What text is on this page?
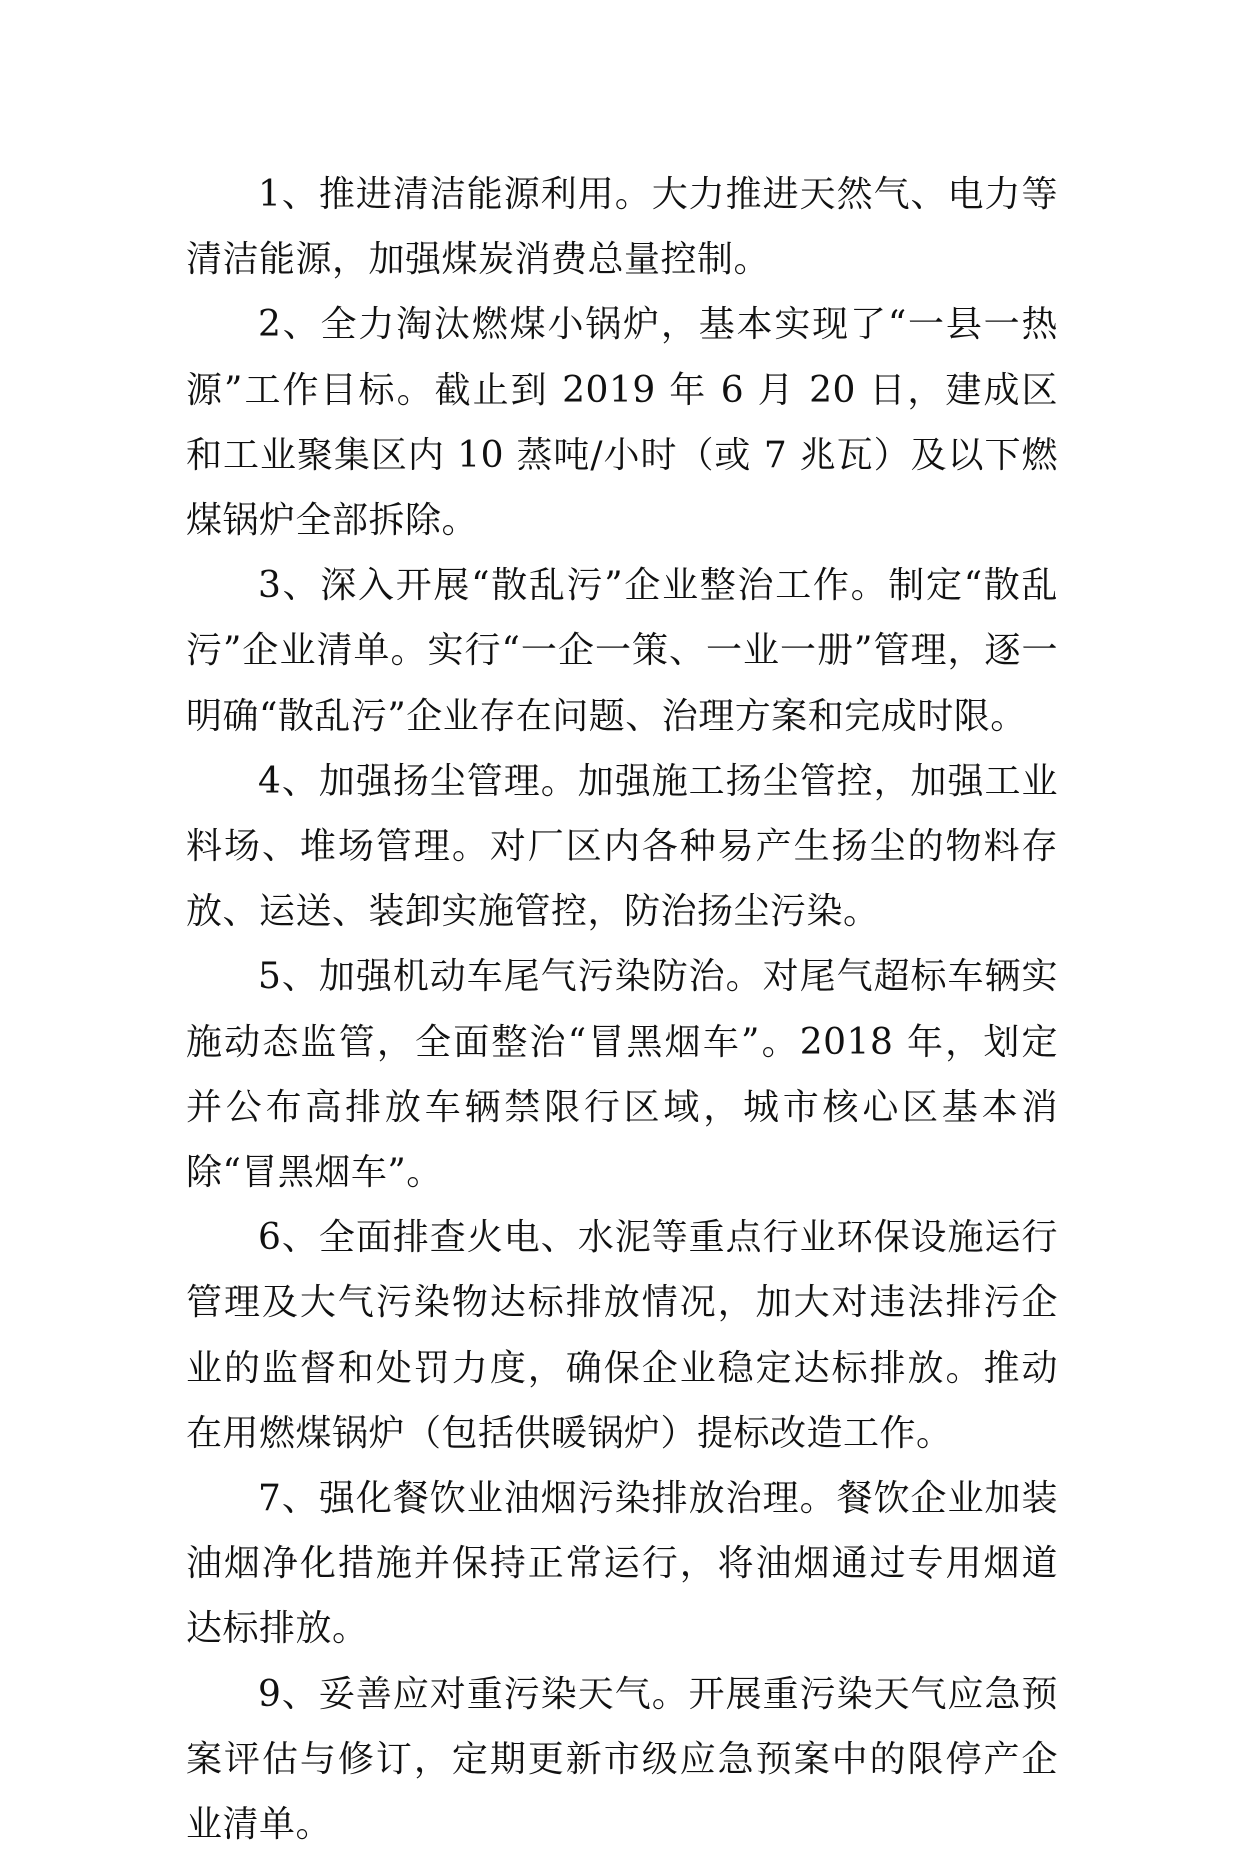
1、推进清洁能源利用。大力推进天然气、电力等清洁能源，加强煤炭消费总量控制。

2、全力淘汰燃煤小锅炉，基本实现了“一县一热源”工作目标。截止到 2019 年 6 月 20 日，建成区和工业聚集区内 10 蒸吨/小时（或 7 兆瓦）及以下燃煤锅炉全部拆除。

3、深入开展“散乱污”企业整治工作。制定“散乱污”企业清单。实行“一企一策、一业一册”管理，逐一明确“散乱污”企业存在问题、治理方案和完成时限。

4、加强扬尘管理。加强施工扬尘管控，加强工业料场、堆场管理。对厂区内各种易产生扬尘的物料存放、运送、装卸实施管控，防治扬尘污染。

5、加强机动车尾气污染防治。对尾气超标车辆实施动态监管，全面整治“冒黑烟车”。2018 年，划定并公布高排放车辆禁限行区域，城市核心区基本消除“冒黑烟车”。

6、全面排查火电、水泥等重点行业环保设施运行管理及大气污染物达标排放情况，加大对违法排污企业的监督和处罚力度，确保企业稳定达标排放。推动在用燃煤锅炉（包括供暖锅炉）提标改造工作。

7、强化餐饮业油烟污染排放治理。餐饮企业加装油烟净化措施并保持正常运行，将油烟通过专用烟道达标排放。

9、妥善应对重污染天气。开展重污染天气应急预案评估与修订，定期更新市级应急预案中的限停产企业清单。
